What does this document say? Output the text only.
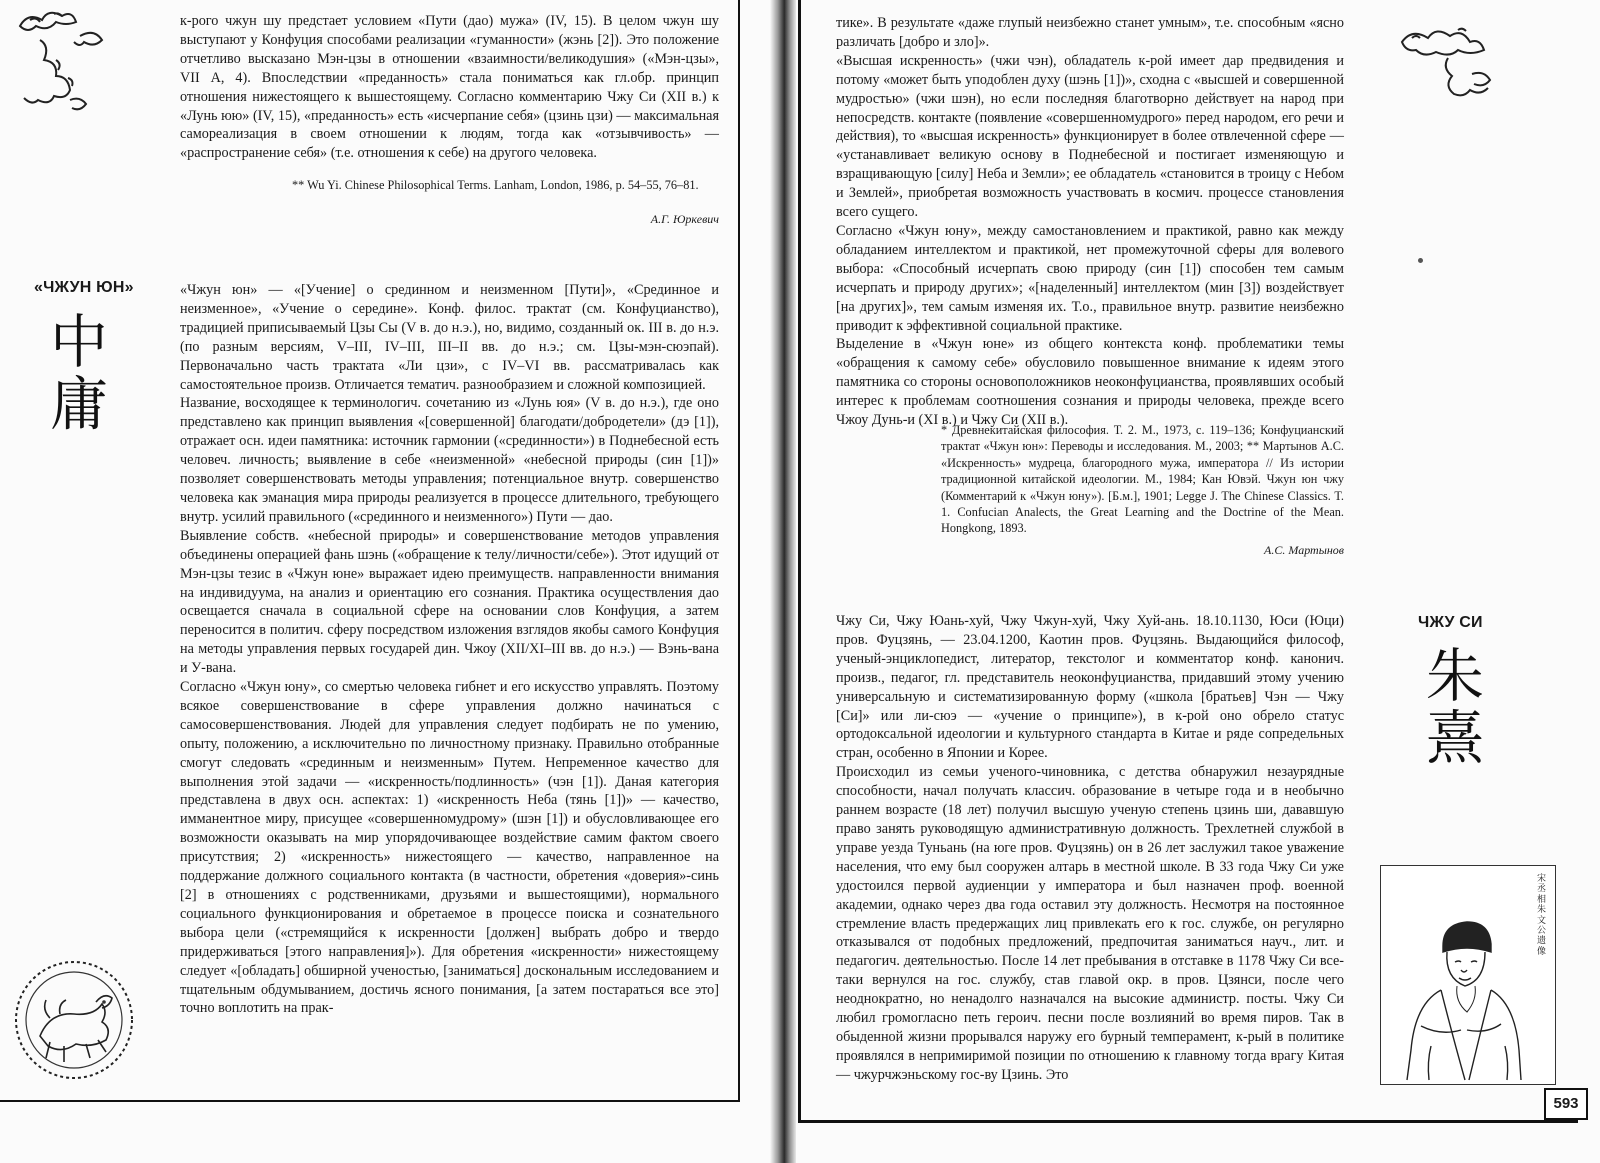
к-рого чжун шу предстает условием «Пути (дао) мужа» (IV, 15). В целом чжун шу выступают у Конфуция способами реализации «гуманности» (жэнь [2]). Это положение отчетливо высказано Мэн-цзы в отношении «взаимности/великодушия» («Мэн-цзы», VII А, 4). Впоследствии «преданность» стала пониматься как гл.обр. принцип отношения нижестоящего к вышестоящему. Согласно комментарию Чжу Си (XII в.) к «Лунь юю» (IV, 15), «преданность» есть «исчерпание себя» (цзинь цзи) — максимальная самореализация в своем отношении к людям, тогда как «отзывчивость» — «распространение себя» (т.е. отношения к себе) на другого человека.

** Wu Yi. Chinese Philosophical Terms. Lanham, London, 1986, p. 54–55, 76–81.
А.Г. Юркевич
«ЧЖУН ЮН»
中
庸

«Чжун юн» — «[Учение] о срединном и неизменном [Пути]», «Срединное и неизменное», «Учение о середине». Конф. филос. трактат (см. Конфуцианство), традицией приписываемый Цзы Сы (V в. до н.э.), но, видимо, созданный ок. III в. до н.э. (по разным версиям, V–III, IV–III, III–II вв. до н.э.; см. Цзы-мэн-сюэпай). Первоначально часть трактата «Ли цзи», с IV–VI вв. рассматривалась как самостоятельное произв. Отличается тематич. разнообразием и сложной композицией.

Название, восходящее к терминологич. сочетанию из «Лунь юя» (V в. до н.э.), где оно представлено как принцип выявления «[совершенной] благодати/добродетели» (дэ [1]), отражает осн. идеи памятника: источник гармонии («срединности») в Поднебесной есть человеч. личность; выявление в себе «неизменной» «небесной природы (син [1])» позволяет совершенствовать методы управления; потенциальное внутр. совершенство человека как эманация мира природы реализуется в процессе длительного, требующего внутр. усилий правильного («срединного и неизменного») Пути — дао.

Выявление собств. «небесной природы» и совершенствование методов управления объединены операцией фань шэнь («обращение к телу/личности/себе»). Этот идущий от Мэн-цзы тезис в «Чжун юне» выражает идею преимуществ. направленности внимания на индивидуума, на анализ и ориентацию его сознания. Практика осуществления дао освещается сначала в социальной сфере на основании слов Конфуция, а затем переносится в политич. сферу посредством изложения взглядов якобы самого Конфуция на методы управления первых государей дин. Чжоу (XII/XI–III вв. до н.э.) — Вэнь-вана и У-вана.

Согласно «Чжун юну», со смертью человека гибнет и его искусство управлять. Поэтому всякое совершенствование в сфере управления должно начинаться с самосовершенствования. Людей для управления следует подбирать не по умению, опыту, положению, а исключительно по личностному признаку. Правильно отобранные смогут следовать «срединным и неизменным» Путем. Непременное качество для выполнения этой задачи — «искренность/подлинность» (чэн [1]). Даная категория представлена в двух осн. аспектах: 1) «искренность Неба (тянь [1])» — качество, имманентное миру, присущее «совершенномудрому» (шэн [1]) и обусловливающее его возможности оказывать на мир упорядочивающее воздействие самим фактом своего присутствия; 2) «искренность» нижестоящего — качество, направленное на поддержание должного социального контакта (в частности, обретения «доверия»-синь [2] в отношениях с родственниками, друзьями и вышестоящими), нормального социального функционирования и обретаемое в процессе поиска и сознательного выбора цели («стремящийся к искренности [должен] выбрать добро и твердо придерживаться [этого направления]»). Для обретения «искренности» нижестоящему следует «[обладать] обширной ученостью, [заниматься] доскональным исследованием и тщательным обдумыванием, достичь ясного понимания, [а затем постараться все это] точно воплотить на прак-

тике». В результате «даже глупый неизбежно станет умным», т.е. способным «ясно различать [добро и зло]».

«Высшая искренность» (чжи чэн), обладатель к-рой имеет дар предвидения и потому «может быть уподоблен духу (шэнь [1])», сходна с «высшей и совершенной мудростью» (чжи шэн), но если последняя благотворно действует на народ при непосредств. контакте (появление «совершенномудрого» перед народом, его речи и действия), то «высшая искренность» функционирует в более отвлеченной сфере — «устанавливает великую основу в Поднебесной и постигает изменяющую и взращивающую [силу] Неба и Земли»; ее обладатель «становится в троицу с Небом и Землей», приобретая возможность участвовать в космич. процессе становления всего сущего.

Согласно «Чжун юну», между самостановлением и практикой, равно как между обладанием интеллектом и практикой, нет промежуточной сферы для волевого выбора: «Способный исчерпать свою природу (син [1]) способен тем самым исчерпать и природу других»; «[наделенный] интеллектом (мин [3]) воздействует [на других]», тем самым изменяя их. Т.о., правильное внутр. развитие неизбежно приводит к эффективной социальной практике.

Выделение в «Чжун юне» из общего контекста конф. проблематики темы «обращения к самому себе» обусловило повышенное внимание к идеям этого памятника со стороны основоположников неоконфуцианства, проявлявших особый интерес к проблемам соотношения сознания и природы человека, прежде всего Чжоу Дунь-и (XI в.) и Чжу Си (XII в.).

* Древнекитайская философия. Т. 2. М., 1973, с. 119–136; Конфуцианский трактат «Чжун юн»: Переводы и исследования. М., 2003; ** Мартынов А.С. «Искренность» мудреца, благородного мужа, императора // Из истории традиционной китайской идеологии. М., 1984; Кан Ювэй. Чжун юн чжу (Комментарий к «Чжун юну»). [Б.м.], 1901; Legge J. The Chinese Classics. T. 1. Confucian Analects, the Great Learning and the Doctrine of the Mean. Hongkong, 1893.
А.С. Мартынов

Чжу Си, Чжу Юань-хуй, Чжу Чжун-хуй, Чжу Хуй-ань. 18.10.1130, Юси (Юци) пров. Фуцзянь, — 23.04.1200, Каотин пров. Фуцзянь. Выдающийся философ, ученый-энциклопедист, литератор, текстолог и комментатор конф. канонич. произв., педагог, гл. представитель неоконфуцианства, придавший этому учению универсальную и систематизированную форму («школа [братьев] Чэн — Чжу [Си]» или ли-сюэ — «учение о принципе»), в к-рой оно обрело статус ортодоксальной идеологии и культурного стандарта в Китае и ряде сопредельных стран, особенно в Японии и Корее.

Происходил из семьи ученого-чиновника, с детства обнаружил незаурядные способности, начал получать классич. образование в четыре года и в необычно раннем возрасте (18 лет) получил высшую ученую степень цзинь ши, дававшую право занять руководящую административную должность. Трехлетней службой в управе уезда Туньань (на юге пров. Фуцзянь) он в 26 лет заслужил такое уважение населения, что ему был сооружен алтарь в местной школе. В 33 года Чжу Си уже удостоился первой аудиенции у императора и был назначен проф. военной академии, однако через два года оставил эту должность. Несмотря на постоянное стремление власть предержащих лиц привлекать его к гос. службе, он регулярно отказывался от подобных предложений, предпочитая заниматься науч., лит. и педагогич. деятельностью. После 14 лет пребывания в отставке в 1178 Чжу Си все-таки вернулся на гос. службу, став главой окр. в пров. Цзянси, после чего неоднократно, но ненадолго назначался на высокие администр. посты. Чжу Си любил громогласно петь героич. песни после возлияний во время пиров. Так в обыденной жизни прорывался наружу его бурный темперамент, к-рый в политике проявлялся в непримиримой позиции по отношению к главному тогда врагу Китая — чжурчжэньскому гос-ву Цзинь. Это

ЧЖУ СИ
朱
熹
宋丞相朱文公遗像
593
